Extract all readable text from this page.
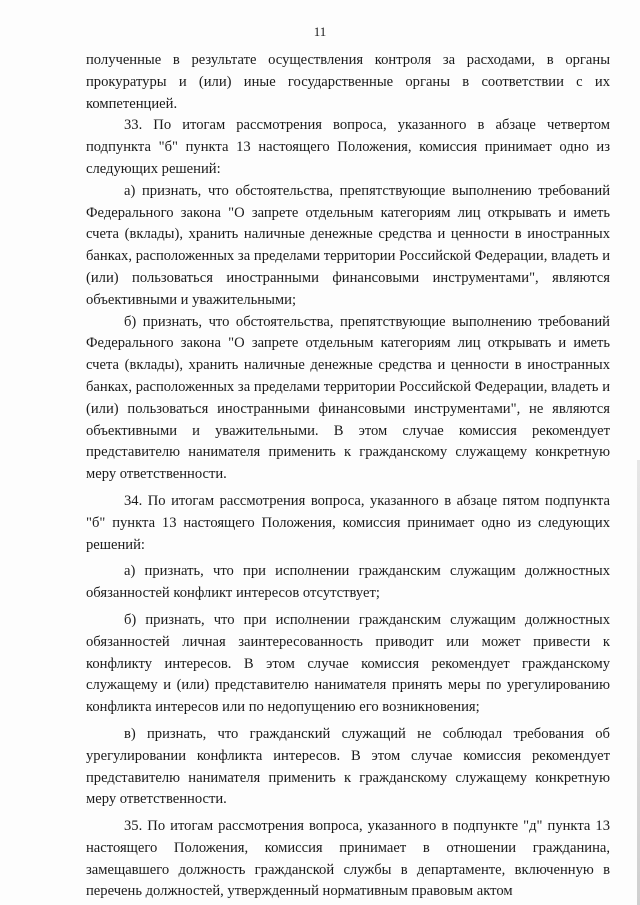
11

полученные в результате осуществления контроля за расходами, в органы прокуратуры и (или) иные государственные органы в соответствии с их компетенцией.

33. По итогам рассмотрения вопроса, указанного в абзаце четвертом подпункта "б" пункта 13 настоящего Положения, комиссия принимает одно из следующих решений:

а) признать, что обстоятельства, препятствующие выполнению требований Федерального закона "О запрете отдельным категориям лиц открывать и иметь счета (вклады), хранить наличные денежные средства и ценности в иностранных банках, расположенных за пределами территории Российской Федерации, владеть и (или) пользоваться иностранными финансовыми инструментами", являются объективными и уважительными;

б) признать, что обстоятельства, препятствующие выполнению требований Федерального закона "О запрете отдельным категориям лиц открывать и иметь счета (вклады), хранить наличные денежные средства и ценности в иностранных банках, расположенных за пределами территории Российской Федерации, владеть и (или) пользоваться иностранными финансовыми инструментами", не являются объективными и уважительными. В этом случае комиссия рекомендует представителю нанимателя применить к гражданскому служащему конкретную меру ответственности.

34. По итогам рассмотрения вопроса, указанного в абзаце пятом подпункта "б" пункта 13 настоящего Положения, комиссия принимает одно из следующих решений:

а) признать, что при исполнении гражданским служащим должностных обязанностей конфликт интересов отсутствует;

б) признать, что при исполнении гражданским служащим должностных обязанностей личная заинтересованность приводит или может привести к конфликту интересов. В этом случае комиссия рекомендует гражданскому служащему и (или) представителю нанимателя принять меры по урегулированию конфликта интересов или по недопущению его возникновения;

в) признать, что гражданский служащий не соблюдал требования об урегулировании конфликта интересов. В этом случае комиссия рекомендует представителю нанимателя применить к гражданскому служащему конкретную меру ответственности.

35. По итогам рассмотрения вопроса, указанного в подпункте "д" пункта 13 настоящего Положения, комиссия принимает в отношении гражданина, замещавшего должность гражданской службы в департаменте, включенную в перечень должностей, утвержденный нормативным правовым актом
